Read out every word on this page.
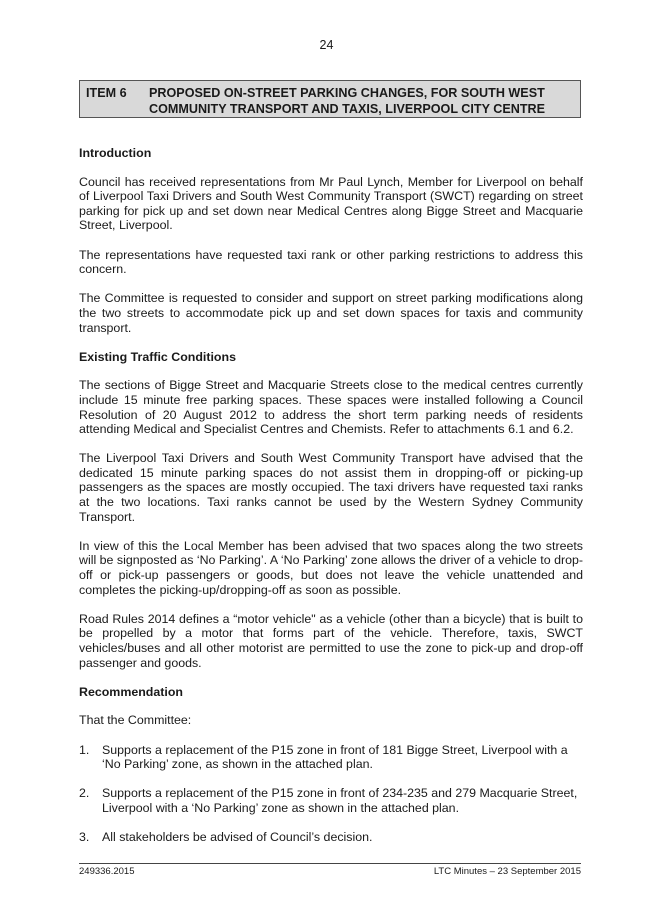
24
ITEM 6	PROPOSED ON-STREET PARKING CHANGES, FOR SOUTH WEST
COMMUNITY TRANSPORT AND TAXIS, LIVERPOOL CITY CENTRE
Introduction

Council has received representations from Mr Paul Lynch, Member for Liverpool on behalf of Liverpool Taxi Drivers and South West Community Transport (SWCT) regarding on street parking for pick up and set down near Medical Centres along Bigge Street and Macquarie Street, Liverpool.

The representations have requested taxi rank or other parking restrictions to address this concern.

The Committee is requested to consider and support on street parking modifications along the two streets to accommodate pick up and set down spaces for taxis and community transport.

Existing Traffic Conditions

The sections of Bigge Street and Macquarie Streets close to the medical centres currently include 15 minute free parking spaces. These spaces were installed following a Council Resolution of 20 August 2012 to address the short term parking needs of residents attending Medical and Specialist Centres and Chemists. Refer to attachments 6.1 and 6.2.

The Liverpool Taxi Drivers and South West Community Transport have advised that the dedicated 15 minute parking spaces do not assist them in dropping-off or picking-up passengers as the spaces are mostly occupied. The taxi drivers have requested taxi ranks at the two locations. Taxi ranks cannot be used by the Western Sydney Community Transport.

In view of this the Local Member has been advised that two spaces along the two streets will be signposted as ‘No Parking’. A ‘No Parking’ zone allows the driver of a vehicle to drop-off or pick-up passengers or goods, but does not leave the vehicle unattended and completes the picking-up/dropping-off as soon as possible.

Road Rules 2014 defines a “motor vehicle" as a vehicle (other than a bicycle) that is built to be propelled by a motor that forms part of the vehicle. Therefore, taxis, SWCT vehicles/buses and all other motorist are permitted to use the zone to pick-up and drop-off passenger and goods.

Recommendation

That the Committee:

1.	Supports a replacement of the P15 zone in front of 181 Bigge Street, Liverpool with a ‘No Parking’ zone, as shown in the attached plan.
2.	Supports a replacement of the P15 zone in front of 234-235 and 279 Macquarie Street, Liverpool with a ‘No Parking’ zone as shown in the attached plan.
3.	All stakeholders be advised of Council’s decision.
249336.2015	LTC Minutes – 23 September 2015
